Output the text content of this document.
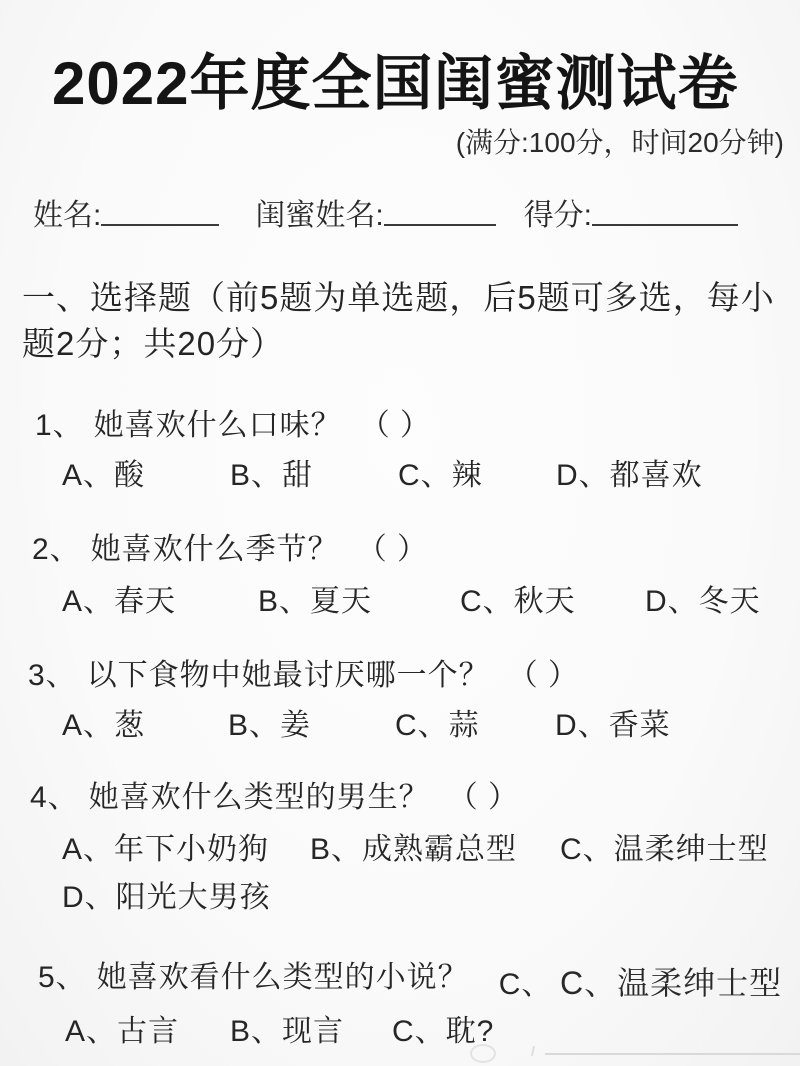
2022年度全国闺蜜测试卷
(满分:100分，时间20分钟)
姓名:	闺蜜姓名:	得分:
一、选择题（前5题为单选题，后5题可多选，每小
题2分；共20分）
1、 她喜欢什么口味？ （ ）
A、酸	B、甜	C、辣 D、都喜欢
2、 她喜欢什么季节？ （ ）
A、春天	B、夏天	C、秋天 D、冬天
3、 以下食物中她最讨厌哪一个？ （ ）
A、葱	B、姜	C、蒜	D、香菜
4、 她喜欢什么类型的男生？ （ ）
A、年下小奶狗 B、成熟霸总型 C、温柔绅士型
D、阳光大男孩
5、 她喜欢看什么类型的小说？ C、 C、温柔绅士型
A、古言 B、现言 C、耽?
